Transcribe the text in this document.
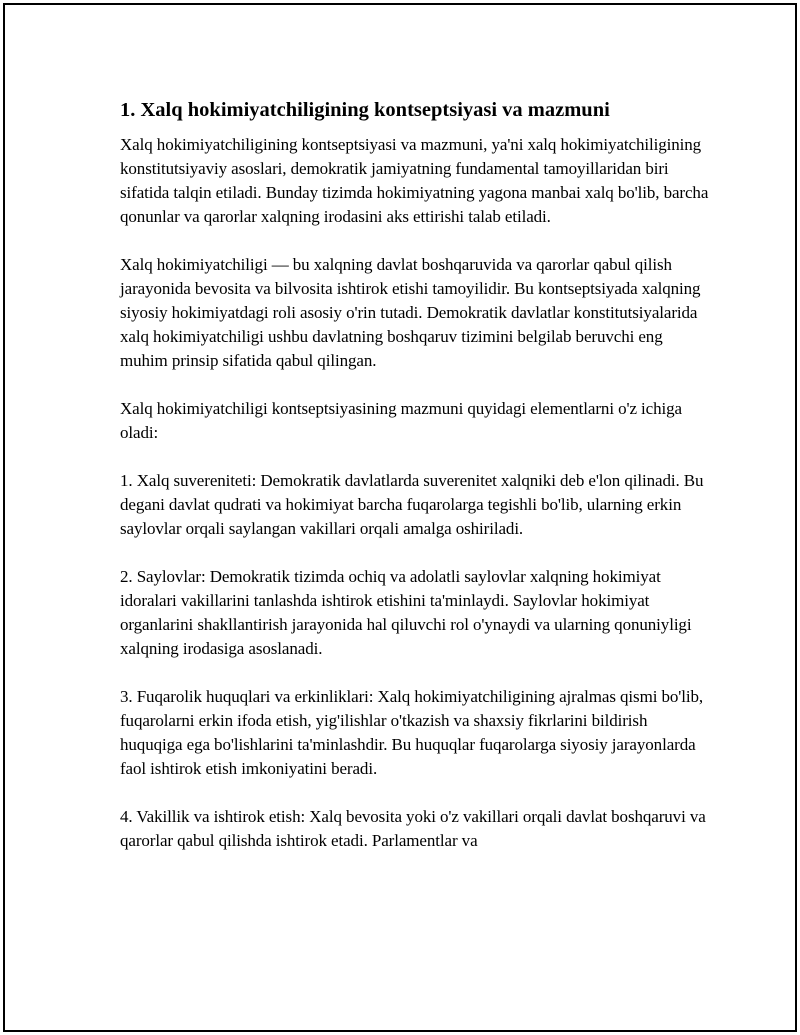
1. Xalq hokimiyatchiligining kontseptsiyasi va mazmuni

Xalq hokimiyatchiligining kontseptsiyasi va mazmuni, ya'ni xalq hokimiyatchiligining konstitutsiyaviy asoslari, demokratik jamiyatning fundamental tamoyillaridan biri sifatida talqin etiladi. Bunday tizimda hokimiyatning yagona manbai xalq bo'lib, barcha qonunlar va qarorlar xalqning irodasini aks ettirishi talab etiladi.

Xalq hokimiyatchiligi — bu xalqning davlat boshqaruvida va qarorlar qabul qilish jarayonida bevosita va bilvosita ishtirok etishi tamoyilidir. Bu kontseptsiyada xalqning siyosiy hokimiyatdagi roli asosiy o'rin tutadi. Demokratik davlatlar konstitutsiyalarida xalq hokimiyatchiligi ushbu davlatning boshqaruv tizimini belgilab beruvchi eng muhim prinsip sifatida qabul qilingan.

Xalq hokimiyatchiligi kontseptsiyasining mazmuni quyidagi elementlarni o'z ichiga oladi:

1. Xalq suvereniteti: Demokratik davlatlarda suverenitet xalqniki deb e'lon qilinadi. Bu degani davlat qudrati va hokimiyat barcha fuqarolarga tegishli bo'lib, ularning erkin saylovlar orqali saylangan vakillari orqali amalga oshiriladi.

2. Saylovlar: Demokratik tizimda ochiq va adolatli saylovlar xalqning hokimiyat idoralari vakillarini tanlashda ishtirok etishini ta'minlaydi. Saylovlar hokimiyat organlarini shakllantirish jarayonida hal qiluvchi rol o'ynaydi va ularning qonuniyligi xalqning irodasiga asoslanadi.

3. Fuqarolik huquqlari va erkinliklari: Xalq hokimiyatchiligining ajralmas qismi bo'lib, fuqarolarni erkin ifoda etish, yig'ilishlar o'tkazish va shaxsiy fikrlarini bildirish huquqiga ega bo'lishlarini ta'minlashdir. Bu huquqlar fuqarolarga siyosiy jarayonlarda faol ishtirok etish imkoniyatini beradi.

4. Vakillik va ishtirok etish: Xalq bevosita yoki o'z vakillari orqali davlat boshqaruvi va qarorlar qabul qilishda ishtirok etadi. Parlamentlar va
